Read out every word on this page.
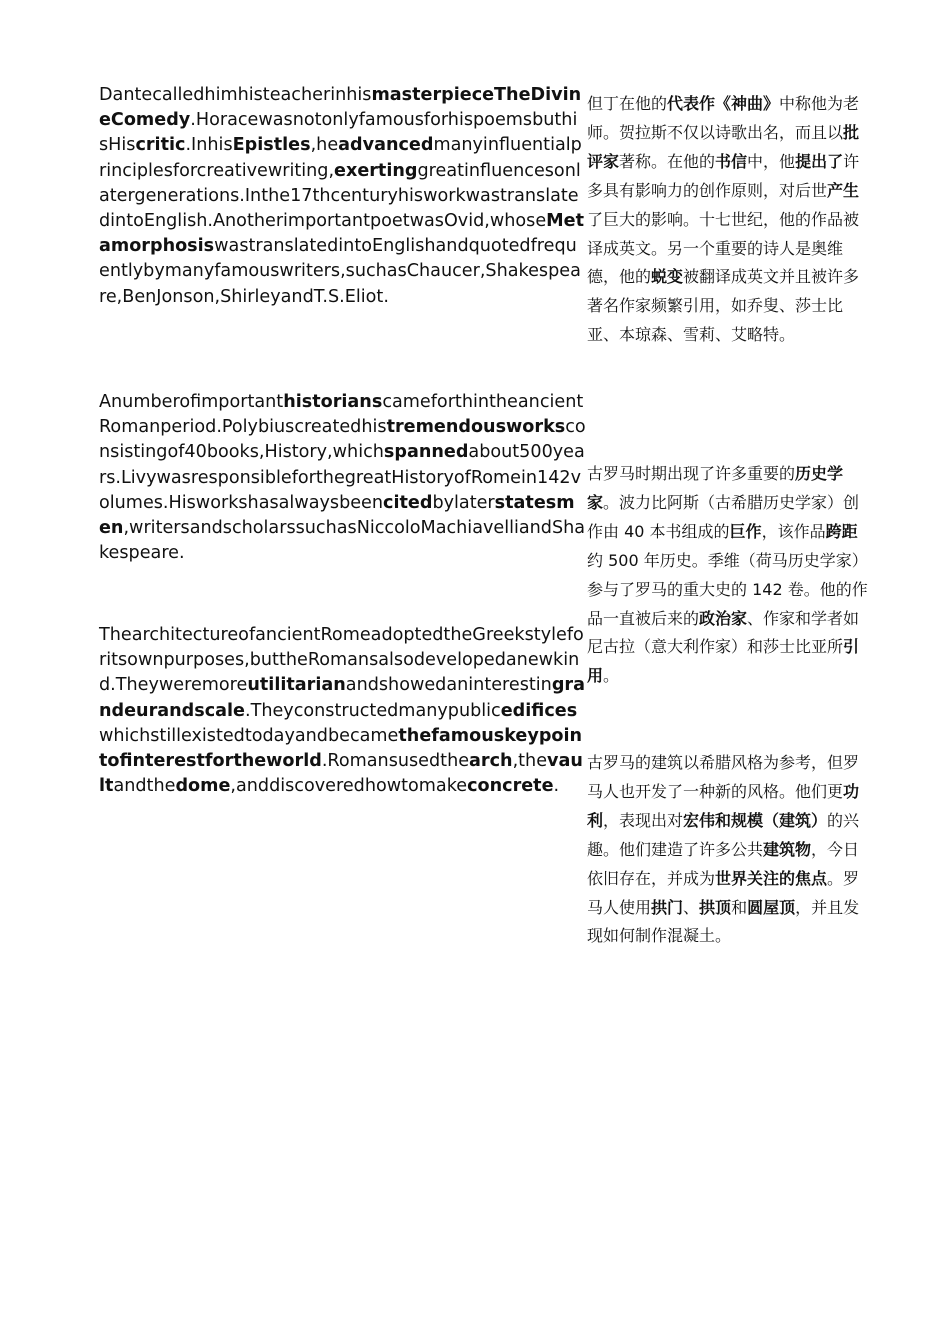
DantecalledhimhisteacherinhismasterpieceTheDivineComedy.HoracewasnotonlyfamousforhispoemsbuthisHiscritic.InhisEpistles,headvancedmanyinfluentialprinciplesforcreativewriting,exertinggreatinfluencesonlatergenerations.Inthe17thcenturyhisworkwastranslatedintoEnglish.AnotherimportantpoetwasOvid,whoseMetamorphosiswastranslatedintoEnglishandquotedfrequentlybymanyfamouswriters,suchasChaucer,Shakespeare,BenJonson,ShirleyandT.S.Eliot.

但丁在他的代表作《神曲》中称他为老师。贺拉斯不仅以诗歌出名，而且以批评家著称。在他的书信中，他提出了许多具有影响力的创作原则，对后世产生了巨大的影响。十七世纪，他的作品被译成英文。另一个重要的诗人是奥维德，他的蜕变被翻译成英文并且被许多著名作家频繁引用，如乔叟、莎士比亚、本琼森、雪莉、艾略特。

AnumberofimportanthistorianscameforthintheancientRomanperiod.Polybiuscreatedhistremendousworksconsistingof40books,History,whichspannedabout500years.LivywasresponsibleforthegreatHistoryofRomein142volumes.Hisworkshasalwaysbeencitedbylaterstatesmen,writersandscholarssuchasNiccoloMachiavelliandShakespeare.

古罗马时期出现了许多重要的历史学家。波力比阿斯（古希腊历史学家）创作由 40 本书组成的巨作，该作品跨距约 500 年历史。季维（荷马历史学家）参与了罗马的重大史的 142 卷。他的作品一直被后来的政治家、作家和学者如尼古拉（意大利作家）和莎士比亚所引用。

ThearchitectureofancientRomeadoptedtheGreekstyleforitsownpurposes,buttheRomansalsodevelopedanewkind.Theyweremoreutilitarianandshowedaninterestingrandeurandscale.Theyconstructedmanypublicedificeswhichstillexistedtodayandbecamethefamouskeypointofinterestfortheworld.Romansusedthearch,thevaultandthedome,anddiscoveredhowtomakeconcrete.

古罗马的建筑以希腊风格为参考，但罗马人也开发了一种新的风格。他们更功利，表现出对宏伟和规模（建筑）的兴趣。他们建造了许多公共建筑物，今日依旧存在，并成为世界关注的焦点。罗马人使用拱门、拱顶和圆屋顶，并且发现如何制作混凝土。
